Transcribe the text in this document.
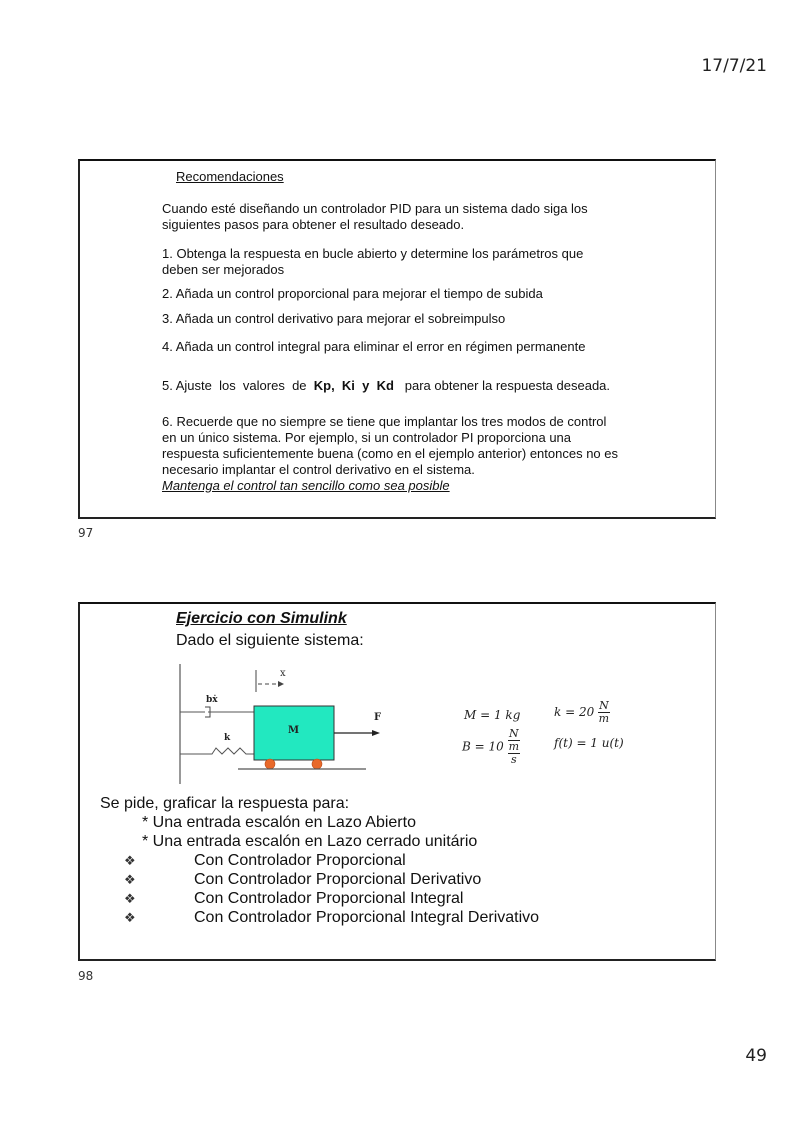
17/7/21
Recomendaciones
Cuando esté diseñando un controlador PID para un sistema dado siga los
siguientes pasos para obtener el resultado deseado.
1. Obtenga la respuesta en bucle abierto y determine los parámetros que
deben ser mejorados
2. Añada un control proporcional para mejorar el tiempo de subida
3. Añada un control derivativo para mejorar el sobreimpulso
4. Añada un control integral para eliminar el error en régimen permanente
5. Ajuste  los  valores  de  Kp,  Ki  y  Kd   para obtener la respuesta deseada.
6. Recuerde que no siempre se tiene que implantar los tres modos de control
en un único sistema. Por ejemplo, si un controlador PI proporciona una
respuesta suficientemente buena (como en el ejemplo anterior) entonces no es
necesario implantar el control derivativo en el sistema.
Mantenga el control tan sencillo como sea posible
97
Ejercicio con Simulink
Dado el siguiente sistema:
x
bẋ
k
M
F	M = 1 kg	$k = 20 \frac{N}{m}$
B = 10 N
m
s	f(t) = 1 u(t)
Se pide, graficar la respuesta para:
* Una entrada escalón en Lazo Abierto
* Una entrada escalón en Lazo cerrado unitário
❖	Con Controlador Proporcional
❖	Con Controlador Proporcional Derivativo
❖	Con Controlador Proporcional Integral
❖	Con Controlador Proporcional Integral Derivativo
98
49
